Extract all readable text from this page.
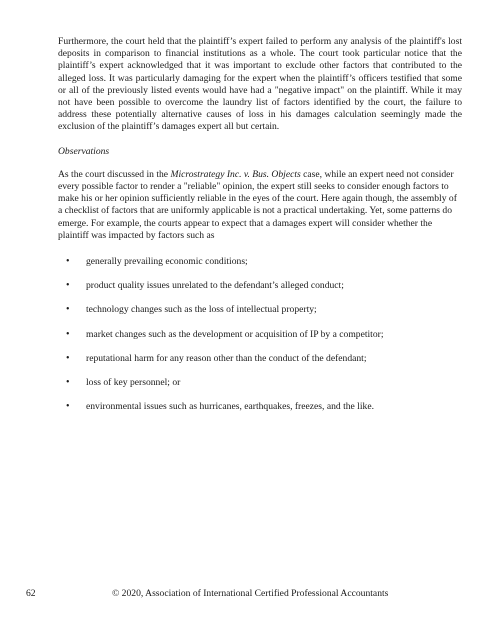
Furthermore, the court held that the plaintiff’s expert failed to perform any analysis of the plaintiff's lost deposits in comparison to financial institutions as a whole. The court took particular notice that the plaintiff’s expert acknowledged that it was important to exclude other factors that contributed to the alleged loss. It was particularly damaging for the expert when the plaintiff’s officers testified that some or all of the previously listed events would have had a "negative impact" on the plaintiff. While it may not have been possible to overcome the laundry list of factors identified by the court, the failure to address these potentially alternative causes of loss in his damages calculation seemingly made the exclusion of the plaintiff’s damages expert all but certain.

Observations

As the court discussed in the Microstrategy Inc. v. Bus. Objects case, while an expert need not consider every possible factor to render a "reliable" opinion, the expert still seeks to consider enough factors to make his or her opinion sufficiently reliable in the eyes of the court. Here again though, the assembly of a checklist of factors that are uniformly applicable is not a practical undertaking. Yet, some patterns do emerge. For example, the courts appear to expect that a damages expert will consider whether the plaintiff was impacted by factors such as

• generally prevailing economic conditions;
• product quality issues unrelated to the defendant’s alleged conduct;
• technology changes such as the loss of intellectual property;
• market changes such as the development or acquisition of IP by a competitor;
• reputational harm for any reason other than the conduct of the defendant;
• loss of key personnel; or
• environmental issues such as hurricanes, earthquakes, freezes, and the like.
62	© 2020, Association of International Certified Professional Accountants
